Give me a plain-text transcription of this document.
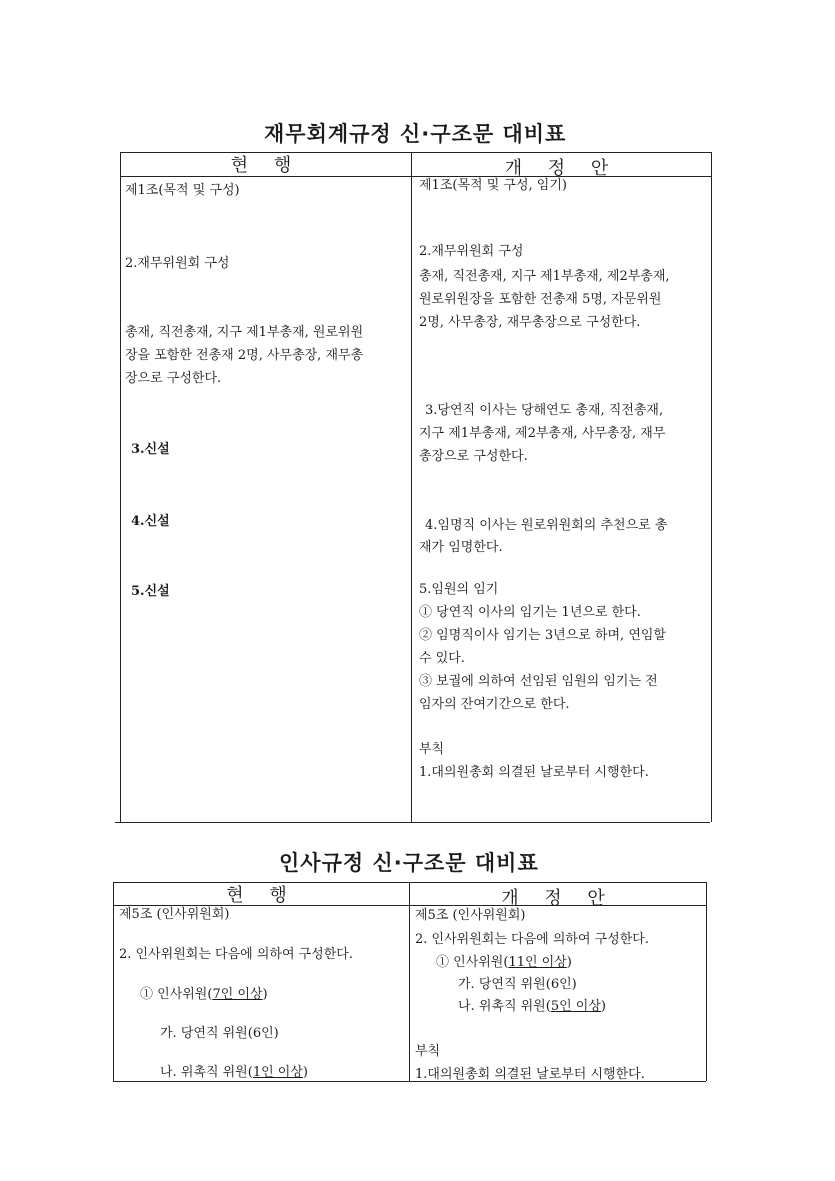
재무회계규정 신·구조문 대비표
현 행	개 정 안
제1조(목적 및 구성)
2.재무위원회 구성
총재, 직전총재, 지구 제1부총재, 원로위원
장을 포함한 전총재 2명, 사무총장, 재무총
장으로 구성한다.
3.신설
4.신설
5.신설
제1조(목적 및 구성, 임기)
2.재무위원회 구성
총재, 직전총재, 지구 제1부총재, 제2부총재,
원로위원장을 포함한 전총재 5명, 자문위원
2명, 사무총장, 재무총장으로 구성한다.
3.당연직 이사는 당해연도 총재, 직전총재,
지구 제1부총재, 제2부총재, 사무총장, 재무
총장으로 구성한다.
4.임명직 이사는 원로위원회의 추천으로 총
재가 임명한다.
5.임원의 임기
① 당연직 이사의 임기는 1년으로 한다.
② 임명직이사 임기는 3년으로 하며, 연임할
수 있다.
③ 보궐에 의하여 선임된 임원의 임기는 전
임자의 잔여기간으로 한다.
부칙
1.대의원총회 의결된 날로부터 시행한다.
인사규정 신·구조문 대비표
현 행	개 정 안
제5조 (인사위원회)
2. 인사위원회는 다음에 의하여 구성한다.
① 인사위원(7인 이상)
가. 당연직 위원(6인)
나. 위촉직 위원(1인 이상)
제5조 (인사위원회)
2. 인사위원회는 다음에 의하여 구성한다.
① 인사위원(11인 이상)
가. 당연직 위원(6인)
나. 위촉직 위원(5인 이상)
부칙
1.대의원총회 의결된 날로부터 시행한다.
